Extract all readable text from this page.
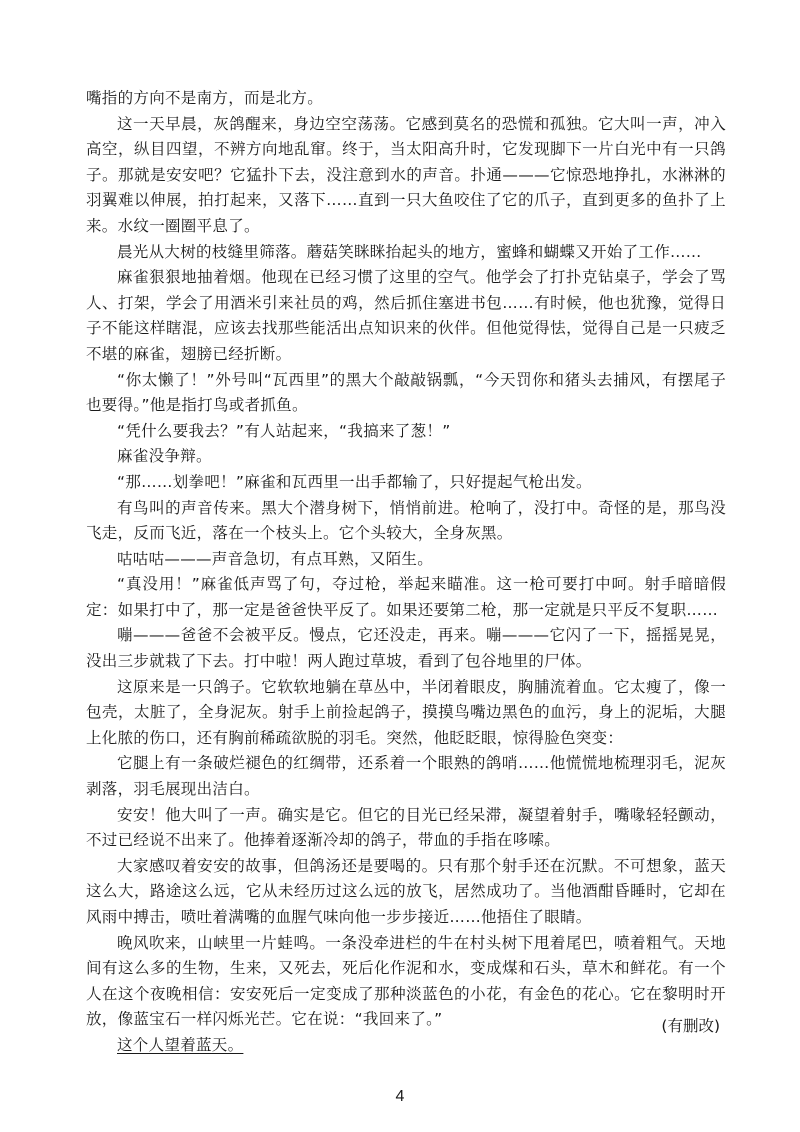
嘴指的方向不是南方，而是北方。

这一天早晨，灰鸽醒来，身边空空荡荡。它感到莫名的恐慌和孤独。它大叫一声，冲入高空，纵目四望，不辨方向地乱窜。终于，当太阳高升时，它发现脚下一片白光中有一只鸽子。那就是安安吧？它猛扑下去，没注意到水的声音。扑通———它惊恐地挣扎，水淋淋的羽翼难以伸展，拍打起来，又落下……直到一只大鱼咬住了它的爪子，直到更多的鱼扑了上来。水纹一圈圈平息了。

晨光从大树的枝缝里筛落。蘑菇笑眯眯抬起头的地方，蜜蜂和蝴蝶又开始了工作……

麻雀狠狠地抽着烟。他现在已经习惯了这里的空气。他学会了打扑克钻桌子，学会了骂人、打架，学会了用酒米引来社员的鸡，然后抓住塞进书包……有时候，他也犹豫，觉得日子不能这样瞎混，应该去找那些能活出点知识来的伙伴。但他觉得怯，觉得自己是一只疲乏不堪的麻雀，翅膀已经折断。

“你太懒了！”外号叫“瓦西里”的黑大个敲敲锅瓢，“今天罚你和猪头去捕风，有摆尾子也要得。”他是指打鸟或者抓鱼。

“凭什么要我去？”有人站起来，“我搞来了葱！”

麻雀没争辩。

“那……划拳吧！”麻雀和瓦西里一出手都输了，只好提起气枪出发。

有鸟叫的声音传来。黑大个潜身树下，悄悄前进。枪响了，没打中。奇怪的是，那鸟没飞走，反而飞近，落在一个枝头上。它个头较大，全身灰黑。

咕咕咕———声音急切，有点耳熟，又陌生。

“真没用！”麻雀低声骂了句，夺过枪，举起来瞄准。这一枪可要打中呵。射手暗暗假定：如果打中了，那一定是爸爸快平反了。如果还要第二枪，那一定就是只平反不复职……

嘣———爸爸不会被平反。慢点，它还没走，再来。嘣———它闪了一下，摇摇晃晃，没出三步就栽了下去。打中啦！两人跑过草坡，看到了包谷地里的尸体。

这原来是一只鸽子。它软软地躺在草丛中，半闭着眼皮，胸脯流着血。它太瘦了，像一包壳，太脏了，全身泥灰。射手上前捡起鸽子，摸摸鸟嘴边黑色的血污，身上的泥垢，大腿上化脓的伤口，还有胸前稀疏欲脱的羽毛。突然，他眨眨眼，惊得脸色突变：

它腿上有一条破烂褪色的红绸带，还系着一个眼熟的鸽哨……他慌慌地梳理羽毛，泥灰剥落，羽毛展现出洁白。

安安！他大叫了一声。确实是它。但它的目光已经呆滞，凝望着射手，嘴喙轻轻颤动，不过已经说不出来了。他捧着逐渐冷却的鸽子，带血的手指在哆嗦。

大家感叹着安安的故事，但鸽汤还是要喝的。只有那个射手还在沉默。不可想象，蓝天这么大，路途这么远，它从未经历过这么远的放飞，居然成功了。当他酒酣昏睡时，它却在风雨中搏击，喷吐着满嘴的血腥气味向他一步步接近……他捂住了眼睛。

晚风吹来，山峡里一片蛙鸣。一条没牵进栏的牛在村头树下甩着尾巴，喷着粗气。天地间有这么多的生物，生来，又死去，死后化作泥和水，变成煤和石头，草木和鲜花。有一个人在这个夜晚相信：安安死后一定变成了那种淡蓝色的小花，有金色的花心。它在黎明时开放，像蓝宝石一样闪烁光芒。它在说：“我回来了。”

这个人望着蓝天。

(有删改)

4
